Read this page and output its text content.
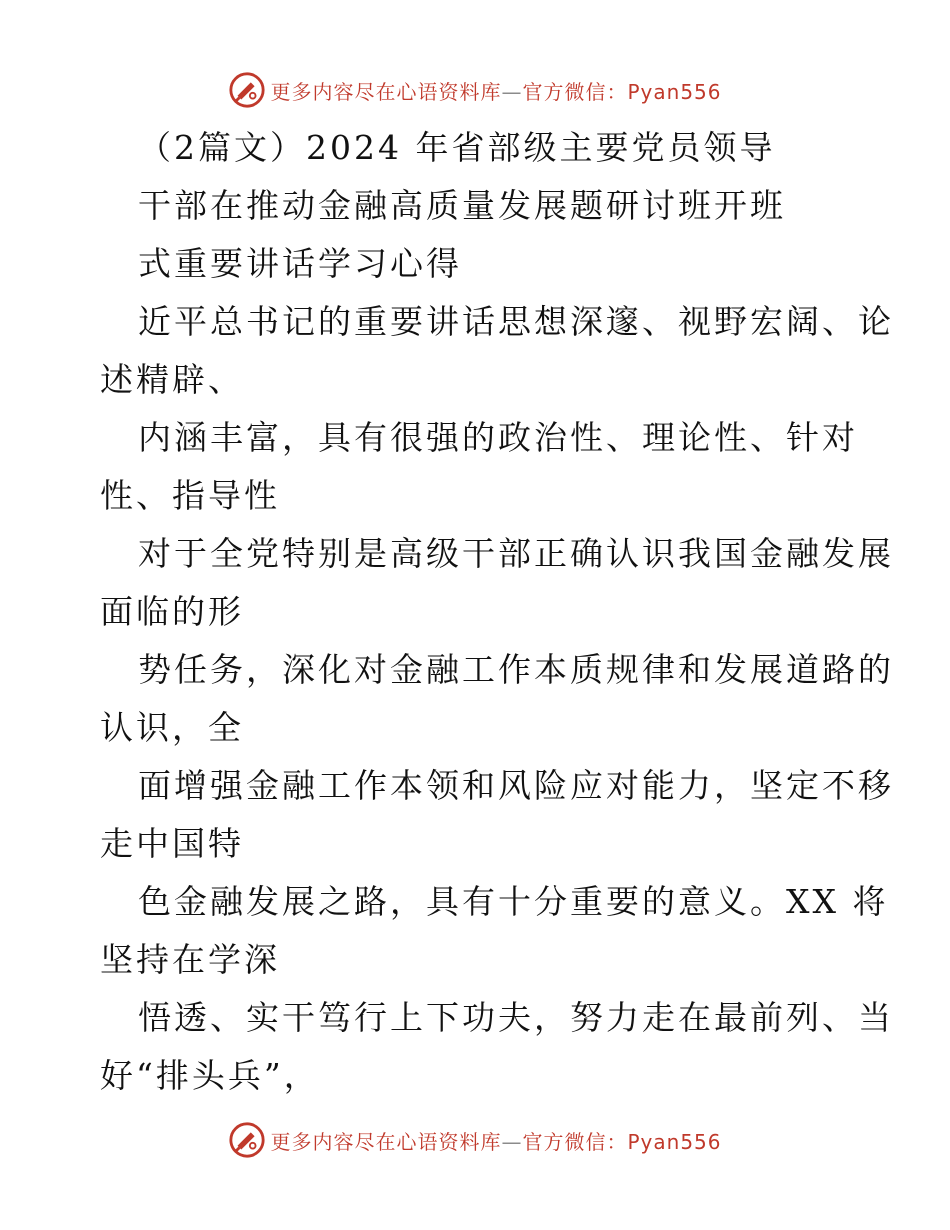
更多内容尽在心语资料库—官方微信：Pyan556
（2篇文）2024 年省部级主要党员领导
干部在推动金融高质量发展题研讨班开班
式重要讲话学习心得
近平总书记的重要讲话思想深邃、视野宏阔、论
述精辟、
内涵丰富，具有很强的政治性、理论性、针对
性、指导性
对于全党特别是高级干部正确认识我国金融发展
面临的形
势任务，深化对金融工作本质规律和发展道路的
认识，全
面增强金融工作本领和风险应对能力，坚定不移
走中国特
色金融发展之路，具有十分重要的意义。XX 将
坚持在学深
悟透、实干笃行上下功夫，努力走在最前列、当
好“排头兵”，
更多内容尽在心语资料库—官方微信：Pyan556
